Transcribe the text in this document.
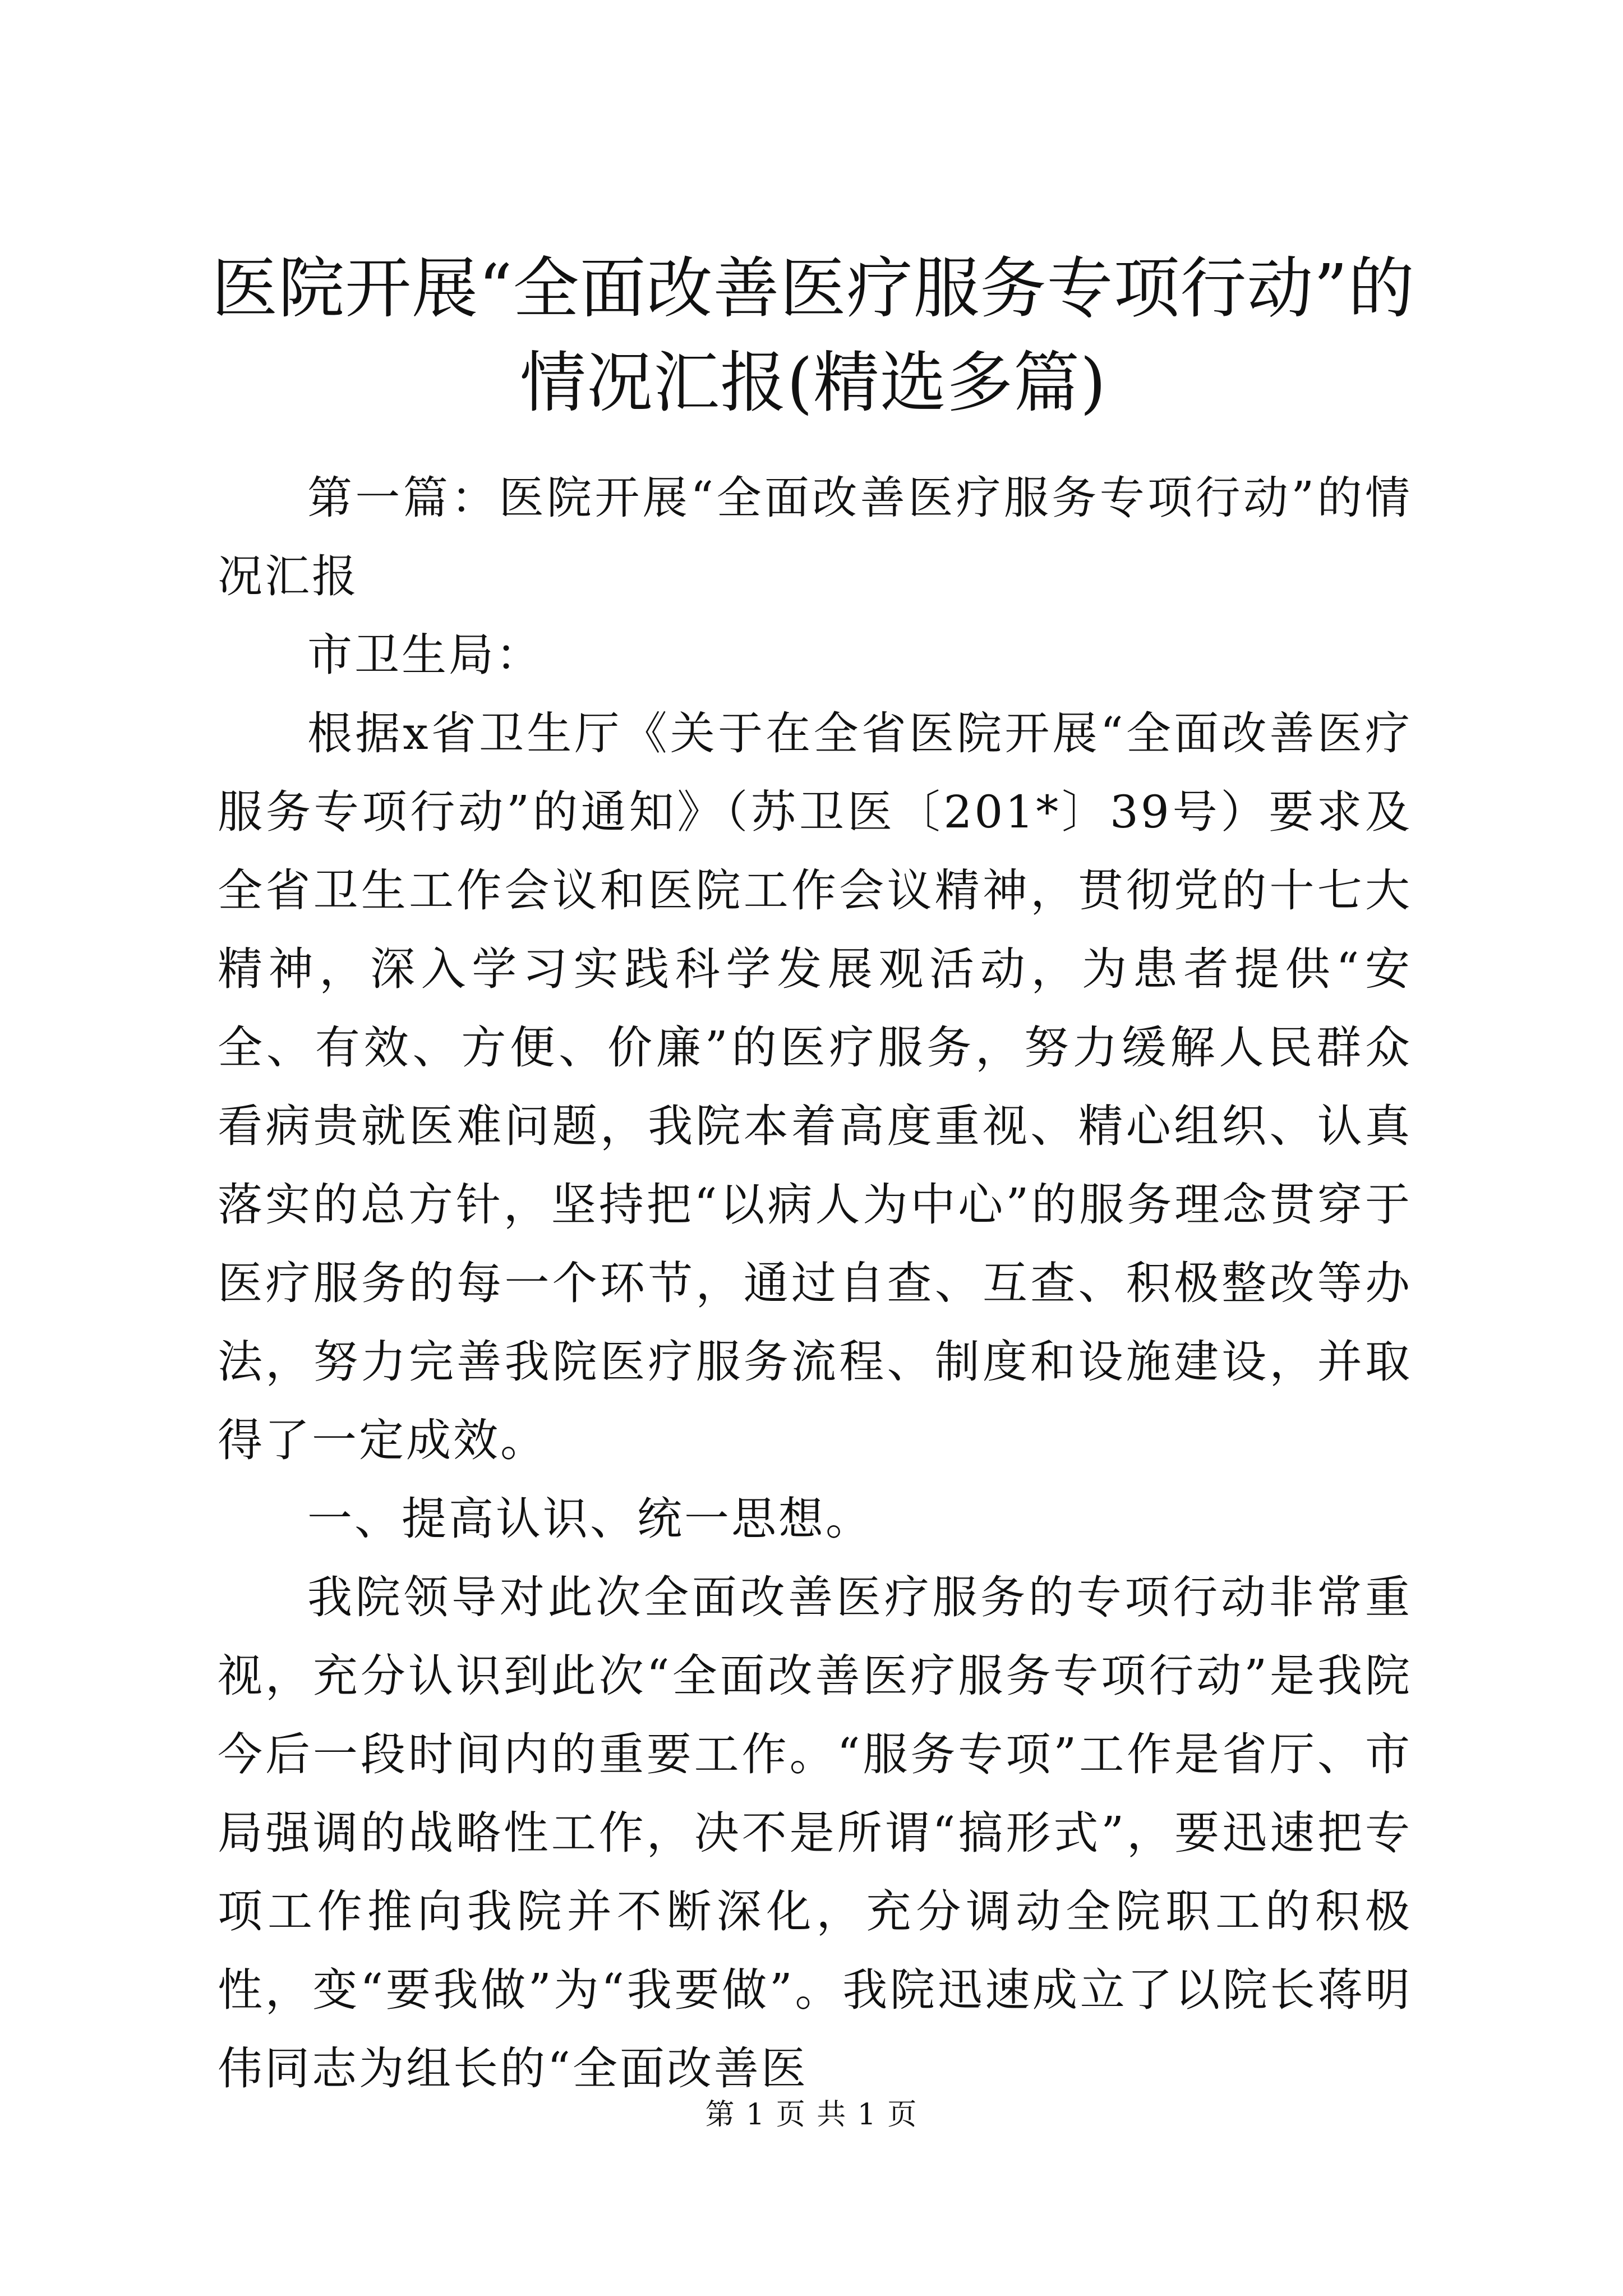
医院开展“全面改善医疗服务专项行动”的情况汇报(精选多篇)

第一篇：医院开展“全面改善医疗服务专项行动”的情况汇报

市卫生局：

根据x省卫生厅《关于在全省医院开展“全面改善医疗服务专项行动”的通知》（苏卫医〔201*〕39号）要求及全省卫生工作会议和医院工作会议精神，贯彻党的十七大精神，深入学习实践科学发展观活动，为患者提供“安全、有效、方便、价廉”的医疗服务，努力缓解人民群众看病贵就医难问题，我院本着高度重视、精心组织、认真落实的总方针，坚持把“以病人为中心”的服务理念贯穿于医疗服务的每一个环节，通过自查、互查、积极整改等办法，努力完善我院医疗服务流程、制度和设施建设，并取得了一定成效。

一、提高认识、统一思想。

我院领导对此次全面改善医疗服务的专项行动非常重视，充分认识到此次“全面改善医疗服务专项行动”是我院今后一段时间内的重要工作。“服务专项”工作是省厅、市局强调的战略性工作，决不是所谓“搞形式”，要迅速把专项工作推向我院并不断深化，充分调动全院职工的积极性，变“要我做”为“我要做”。我院迅速成立了以院长蒋明伟同志为组长的“全面改善医

第 1 页 共 1 页
